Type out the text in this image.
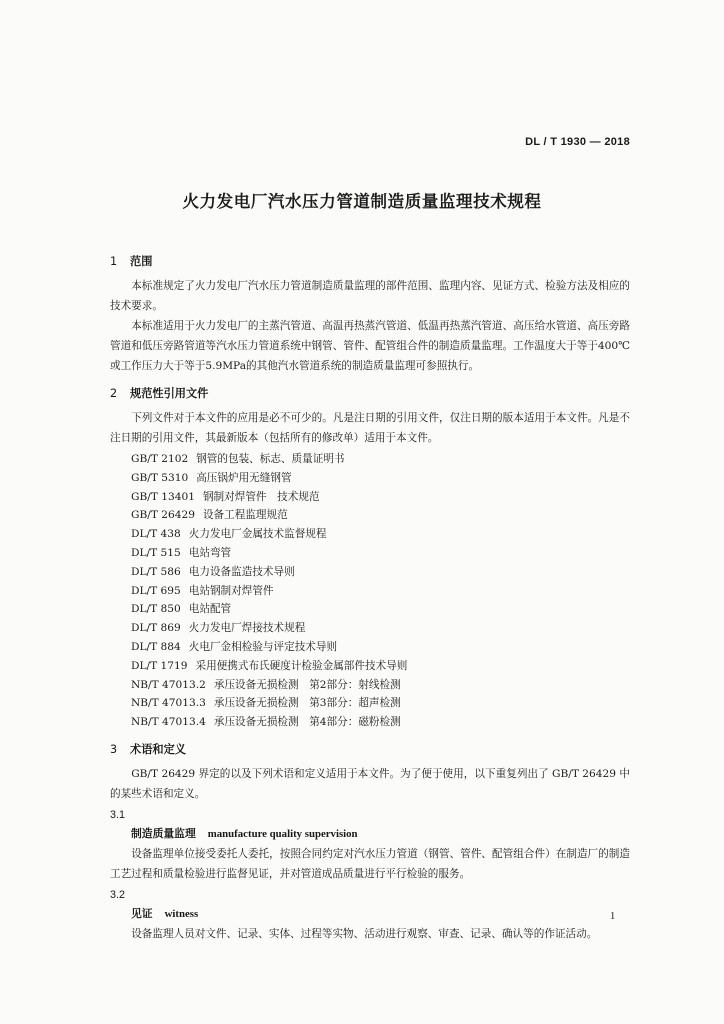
DL / T 1930 — 2018
火力发电厂汽水压力管道制造质量监理技术规程
1 范围

本标准规定了火力发电厂汽水压力管道制造质量监理的部件范围、监理内容、见证方式、检验方法及相应的技术要求。

本标准适用于火力发电厂的主蒸汽管道、高温再热蒸汽管道、低温再热蒸汽管道、高压给水管道、高压旁路管道和低压旁路管道等汽水压力管道系统中钢管、管件、配管组合件的制造质量监理。工作温度大于等于400℃或工作压力大于等于5.9MPa的其他汽水管道系统的制造质量监理可参照执行。

2 规范性引用文件

下列文件对于本文件的应用是必不可少的。凡是注日期的引用文件，仅注日期的版本适用于本文件。凡是不注日期的引用文件，其最新版本（包括所有的修改单）适用于本文件。

GB/T 2102 钢管的包装、标志、质量证明书
GB/T 5310 高压锅炉用无缝钢管
GB/T 13401 钢制对焊管件　技术规范
GB/T 26429 设备工程监理规范
DL/T 438 火力发电厂金属技术监督规程
DL/T 515 电站弯管
DL/T 586 电力设备监造技术导则
DL/T 695 电站钢制对焊管件
DL/T 850 电站配管
DL/T 869 火力发电厂焊接技术规程
DL/T 884 火电厂金相检验与评定技术导则
DL/T 1719 采用便携式布氏硬度计检验金属部件技术导则
NB/T 47013.2 承压设备无损检测　第2部分：射线检测
NB/T 47013.3 承压设备无损检测　第3部分：超声检测
NB/T 47013.4 承压设备无损检测　第4部分：磁粉检测
3 术语和定义

GB/T 26429 界定的以及下列术语和定义适用于本文件。为了便于使用，以下重复列出了 GB/T 26429 中的某些术语和定义。

3.1
制造质量监理 manufacture quality supervision

设备监理单位接受委托人委托，按照合同约定对汽水压力管道（钢管、管件、配管组合件）在制造厂的制造工艺过程和质量检验进行监督见证，并对管道成品质量进行平行检验的服务。

3.2
见证 witness

设备监理人员对文件、记录、实体、过程等实物、活动进行观察、审查、记录、确认等的作证活动。

1
